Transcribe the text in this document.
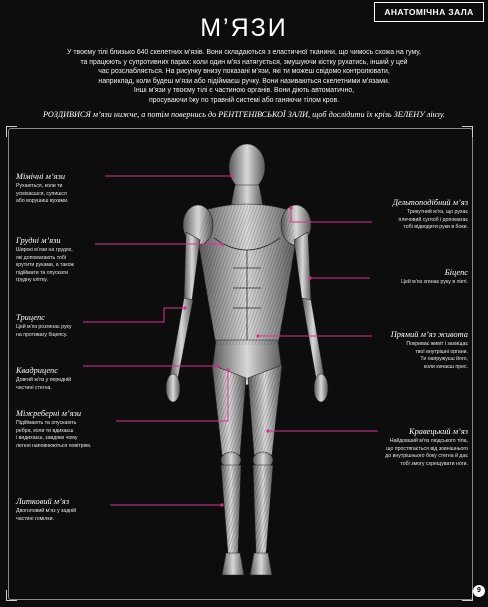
АНАТОМІЧНА ЗАЛА
М’ЯЗИ
У твоєму тілі близько 640 скелетних м’язів. Вони складаються з еластичної тканини, що чимось схожа на гуму,
та працюють у супротивних парах: коли один м’яз натягується, змушуючи кістку рухатись, інший у цей
час розслабляється. На рисунку внизу показані м’язи, які ти можеш свідомо контролювати,
наприклад, коли будеш м’язи або підіймаєш ручку. Вони називаються скелетними м’язами.
Інші м’язи у твоєму тілі є частиною органів. Вони діють автоматично,
просуваючи їжу по травній системі або ганяючи тілом кров.
РОЗДИВИСЯ м’язи нижче, а потім повернись до РЕНТГЕНІВСЬКОЇ ЗАЛИ, щоб дослідити їх крізь ЗЕЛЕНУ лінзу.
Мімічні м’язи
Рухаються, коли ти
усміхаєшся, супишся
або ворушиш вухами.
Грудні м’язи
Широкі м’язи на грудях,
які допомагають тобі
крутити руками, а також
підіймати та опускати
грудну клітку.
Трицепс
Цей м’яз розгинає руку
на противагу біцепсу.
Квадрицепс
Довгий м’яз у передній
частині стегна.
Міжреберні м’язи
Підіймають та опускають
ребра, коли ти вдихаєш
і видихаєш, завдяки чому
легені наповнюються повітрям.
Литковий м’яз
Двоголовий м’яз у задній
частині гомілки.
Дельтоподібний м’яз
Трикутний м’яз, що рухає
плечовий суглоб і допомагає
тобі відводити руки в боки.
Біцепс
Цей м’яз згинає руку в лікті.
Прямий м’яз живота
Покриває живіт і захищає
твої внутрішні органи.
Ти напружуєш його,
коли качаєш прес.
Кравецький м’яз
Найдовший м’яз людського тіла,
що простягається від зовнішнього
до внутрішнього боку стегна й дає
тобі змогу схрещувати ноги.
9
